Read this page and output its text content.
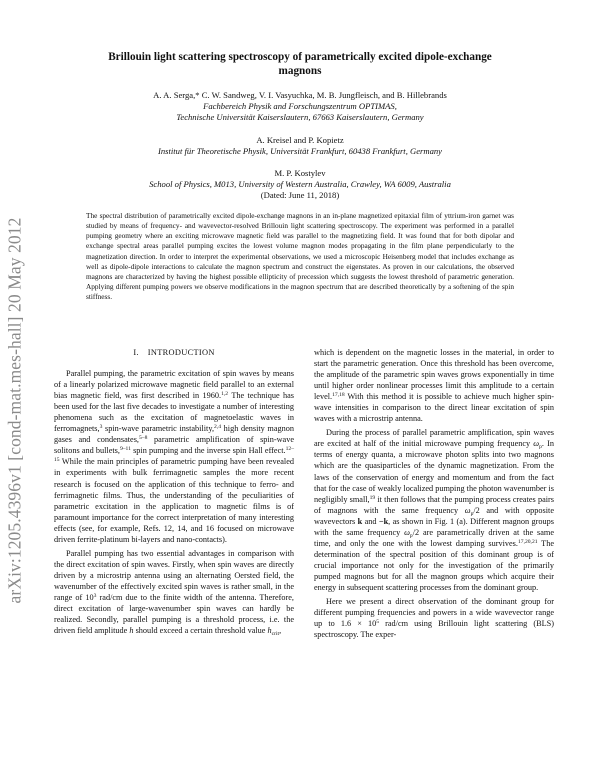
arXiv:1205.4396v1 [cond-mat.mes-hall] 20 May 2012
Brillouin light scattering spectroscopy of parametrically excited dipole-exchange
magnons
A. A. Serga,* C. W. Sandweg, V. I. Vasyuchka, M. B. Jungfleisch, and B. Hillebrands
Fachbereich Physik and Forschungszentrum OPTIMAS,
Technische Universität Kaiserslautern, 67663 Kaiserslautern, Germany
A. Kreisel and P. Kopietz
Institut für Theoretische Physik, Universität Frankfurt, 60438 Frankfurt, Germany
M. P. Kostylev
School of Physics, M013, University of Western Australia, Crawley, WA 6009, Australia
(Dated: June 11, 2018)
The spectral distribution of parametrically excited dipole-exchange magnons in an in-plane magnetized epitaxial film of yttrium-iron garnet was studied by means of frequency- and wavevector-resolved Brillouin light scattering spectroscopy. The experiment was performed in a parallel pumping geometry where an exciting microwave magnetic field was parallel to the magnetizing field. It was found that for both dipolar and exchange spectral areas parallel pumping excites the lowest volume magnon modes propagating in the film plane perpendicularly to the magnetization direction. In order to interpret the experimental observations, we used a microscopic Heisenberg model that includes exchange as well as dipole-dipole interactions to calculate the magnon spectrum and construct the eigenstates. As proven in our calculations, the observed magnons are characterized by having the highest possible ellipticity of precession which suggests the lowest threshold of parametric generation. Applying different pumping powers we observe modifications in the magnon spectrum that are described theoretically by a softening of the spin stiffness.
I. INTRODUCTION

Parallel pumping, the parametric excitation of spin waves by means of a linearly polarized microwave magnetic field parallel to an external bias magnetic field, was first described in 1960.$^{1,2}$ The technique has been used for the last five decades to investigate a number of interesting phenomena such as the excitation of magnetoelastic waves in ferromagnets,$^3$ spin-wave parametric instability,$^{2,4}$ high density magnon gases and condensates,$^{5-8}$ parametric amplification of spin-wave solitons and bullets,$^{9-11}$ spin pumping and the inverse spin Hall effect.$^{12-15}$ While the main principles of parametric pumping have been revealed in experiments with bulk ferrimagnetic samples the more recent research is focused on the application of this technique to ferro- and ferrimagnetic films. Thus, the understanding of the peculiarities of parametric excitation in the application to magnetic films is of paramount importance for the correct interpretation of many interesting effects (see, for example, Refs. 12, 14, and 16 focused on microwave driven ferrite-platinum bi-layers and nano-contacts).

Parallel pumping has two essential advantages in comparison with the direct excitation of spin waves. Firstly, when spin waves are directly driven by a microstrip antenna using an alternating Oersted field, the wavenumber of the effectively excited spin waves is rather small, in the range of $10^3$ rad/cm due to the finite width of the antenna. Therefore, direct excitation of large-wavenumber spin waves can hardly be realized. Secondly, parallel pumping is a threshold process, i.e. the driven field amplitude h should exceed a certain threshold value $h_{crit}$,

which is dependent on the magnetic losses in the material, in order to start the parametric generation. Once this threshold has been overcome, the amplitude of the parametric spin waves grows exponentially in time until higher order nonlinear processes limit this amplitude to a certain level.$^{17,18}$ With this method it is possible to achieve much higher spin-wave intensities in comparison to the direct linear excitation of spin waves with a microstrip antenna.

During the process of parallel parametric amplification, spin waves are excited at half of the initial microwave pumping frequency $\omega_p$. In terms of energy quanta, a microwave photon splits into two magnons which are the quasiparticles of the dynamic magnetization. From the laws of the conservation of energy and momentum and from the fact that for the case of weakly localized pumping the photon wavenumber is negligibly small,$^{19}$ it then follows that the pumping process creates pairs of magnons with the same frequency $\omega_p/2$ and with opposite wavevectors k and −k, as shown in Fig. 1 (a). Different magnon groups with the same frequency $\omega_p/2$ are parametrically driven at the same time, and only the one with the lowest damping survives.$^{17,20,21}$ The determination of the spectral position of this dominant group is of crucial importance not only for the investigation of the primarily pumped magnons but for all the magnon groups which acquire their energy in subsequent scattering processes from the dominant group.

Here we present a direct observation of the dominant group for different pumping frequencies and powers in a wide wavevector range up to $1.6 \times 10^5$ rad/cm using Brillouin light scattering (BLS) spectroscopy. The exper-
